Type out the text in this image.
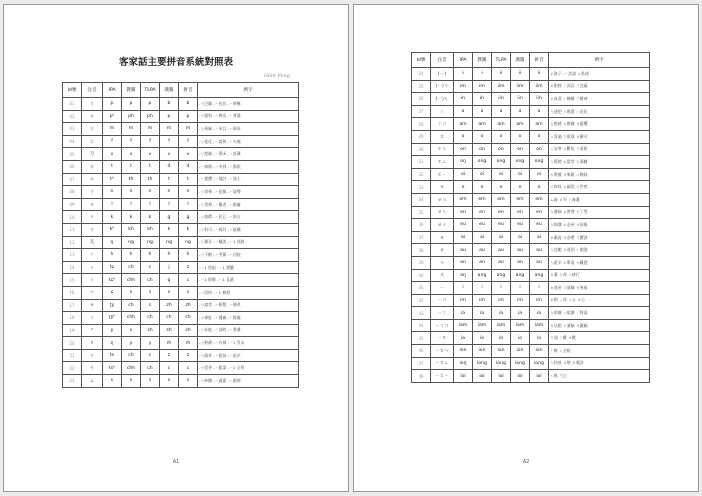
客家話主要拼音系統對照表
Glen Fong
Id號	注音	IPA	教羅	TLPA	漢羅	拼音	例字
01	ㄅ	p	p	p	b	b	-ㄅ巴霸 -ㄧ包比 -ㄧ辨稱
02	ㄆ	pʰ	ph	ph	p	p	-ㄅ爬怕 -ㄧ鼻皮 -ㄧ普婆
03	ㄇ	m	m	m	m	m	-ㄅ馬麻 -ㄧ米目 -ㄧ姆母
04	ㄈ	f	f	f	f	f	-ㄅ花化 -ㄧ富和 -ㄧ火痛
05	ㄪ	v	v	v	v	v	-ㄅ挖碗 -ㄧ黃禾 -ㄧ鳥簿
06	ㄉ	t	t	t	d	d	-ㄧ知路 -ㄧ多到 -ㄧ都很
07	ㄊ	tʰ	th	th	t	t	-ㄧ提體 -ㄧ地討 -ㄧ逸土
08	ㄋ	n	n	n	n	n	-ㄅ拿林 -ㄧ花腻 -ㄧ奴勢
09	ㄌ	l	l	l	l	l	-ㄅ里那 -ㄧ羅老 -ㄧ路盧
10	ㄍ	k	k	k	g	g	-ㄅ加價 -ㄧ居已 -ㄧ姑古
11	ㄎ	kʰ	kh	kh	k	k	-ㄅ科可 -ㄧ徛其 -ㄧ區構
12	ㄫ	ŋ	ng	ng	ng	ng	-ㄅ雅牙 -ㄧ蟻淡 -ㄧ1 吳路
13	ㄏ	h	h	h	h	h	-ㄅ下蝦 -ㄧ考蓄 -ㄧ河校
14	ㄐ	tɕ	ch	c	j	z	-ㄧ1 借姐 -ㄧ1 酒醮
15	ㄑ	tɕʰ	chh	ch	q	c	-ㄧ1 徐聚 -ㄧ1 且錯
16	ㄒ	ɕ	s	s	x	s	-ㄧ西四 -ㄧ1 修寫
17	ㄓ	ʈʂ	ch	c	zh	zh	-ㄅ遮者 -ㄧ紙製 -ㄧ豬煮
18	ㄔ	ʈʂʰ	chh	ch	ch	ch	-ㄅ車扯 -ㄧ遲齒 -ㄧ除處
19	ㄕ	ʂ	s	sh	sh	sh	-ㄅ社蛇 -ㄧ詩時 -ㄧ書暑
20	ㄖ	ʐ	y	y	rh	rh	-ㄅ野爺 -ㄧ衣椅 -ㄧ1 雲永
21	ㄗ	ts	ch	c	z	z	-ㄅ紙炸 -ㄧ租抹 -ㄧ祖早
22	ㄘ	tsʰ	chh	ch	c	c	-ㄅ差茶 -ㄧ粗菜 -ㄧ1 全草
23	ㄙ	s	s	s	s	s	-ㄅ紗撒 -ㄧ蔬素 -ㄧ鎖掃
A1
Id號	注音	IPA	教羅	TLPA	漢羅	拼音	例字
24	(ㄧ)	ɨ	ɨ	ii	ii	ii	ㄓ資子 -ㄧ次詞 ㄙ私使
25	(ㄧ)ㄇ	ɨm	ɨm	iim	iim	iim	ㄓ斟枕 ㄔ深沉 ㄕ沈審
26	(ㄧ)ㄣ	ɨn	ɨn	iin	iin	iin	ㄓ真蒸 ㄔ陳稱 ㄕ勝神
27	ㄚ	a	a	a	a	a	ㄅ爸把 ㄇ媽罵 ㄏ花化
28	ㄚㄇ	am	am	am	am	am	ㄉ擔感 ㄊ擔嫌 ㄌ藍攬
29	ㄛ	o	o	o	o	o	ㄍ哥過 ㄎ歌靠 ㄌ羅可
30	ㄛㄣ	on	on	on	on	on	ㄍ安寒 ㄊ斷短 ㄎ看乾
31	ㄛㄥ	oŋ	ong	ong	ong	ong	ㄅ幫榜 ㄉ當堂 ㄊ湯糖
32	ㄛㄧ	oi	oi	oi	oi	oi	ㄉ堆擡 ㄌ來耐 ㄇ梅妹
33	ㄝ	e	e	e	e	e	ㄇ咩咩 ㄓ細洗 ㄘ世齊
34	ㄝㄇ	em	em	em	em	em	ㄙ森 ㄓ岑 ㄚ森蔘
35	ㄝㄣ	en	en	en	en	en	ㄅ邊扁 ㄓ曾增 ㄊ丁等
36	ㄝㄨ	eu	eu	eu	eu	eu	ㄅ鉤溝 ㄓ走州 ㄌ侯後
37	ㄞ	ai	ai	ai	ai	ai	ㄓ戴再 ㄉ奈帶 ㄎ蟹該
38	ㄠ	au	au	au	au	au	ㄅ包飽 ㄉ道到 ㄏ拋泡
39	ㄢ	an	an	an	an	an	ㄅ班半 ㄉ單看 ㄊ難趕
40	ㄤ	aŋ	ang	ang	ang	ang	ㄉ董 ㄅ邦 ㄍ耕行
41	ㄧ	i	i	i	i	i	ㄉ底帝 ㄍ基騎 ㄌ異倚
42	ㄧㄇ	im	im	im	im	im	ㄓ斟 ㄔ深 ㄐ心 ㄌ心
43	ㄧㄚ	ia	ia	ia	ia	ia	ㄅ借謝 ㄐ姐謝 ㄒ野高
44	ㄧㄚㄇ	iam	iam	iam	iam	iam	ㄉ店點 ㄍ兼檢 ㄌ嚴劍
45	ㄧㄛ	io	io	io	io	io	ㄎ茄 ㄒ靴 ㄌ靴
46	ㄧㄛㄣ	ion	ion	ion	ion	ion	ㄒ軟 ㄑ全吮
47	ㄧㄛㄥ	ioŋ	iong	iong	iong	iong	ㄅ枋放 ㄌ娘 ㄌ羹詳
48	ㄧㄛㄧ	ioi	ioi	ioi	ioi	ioi	ㄑ桃 ㄎ□
A2
